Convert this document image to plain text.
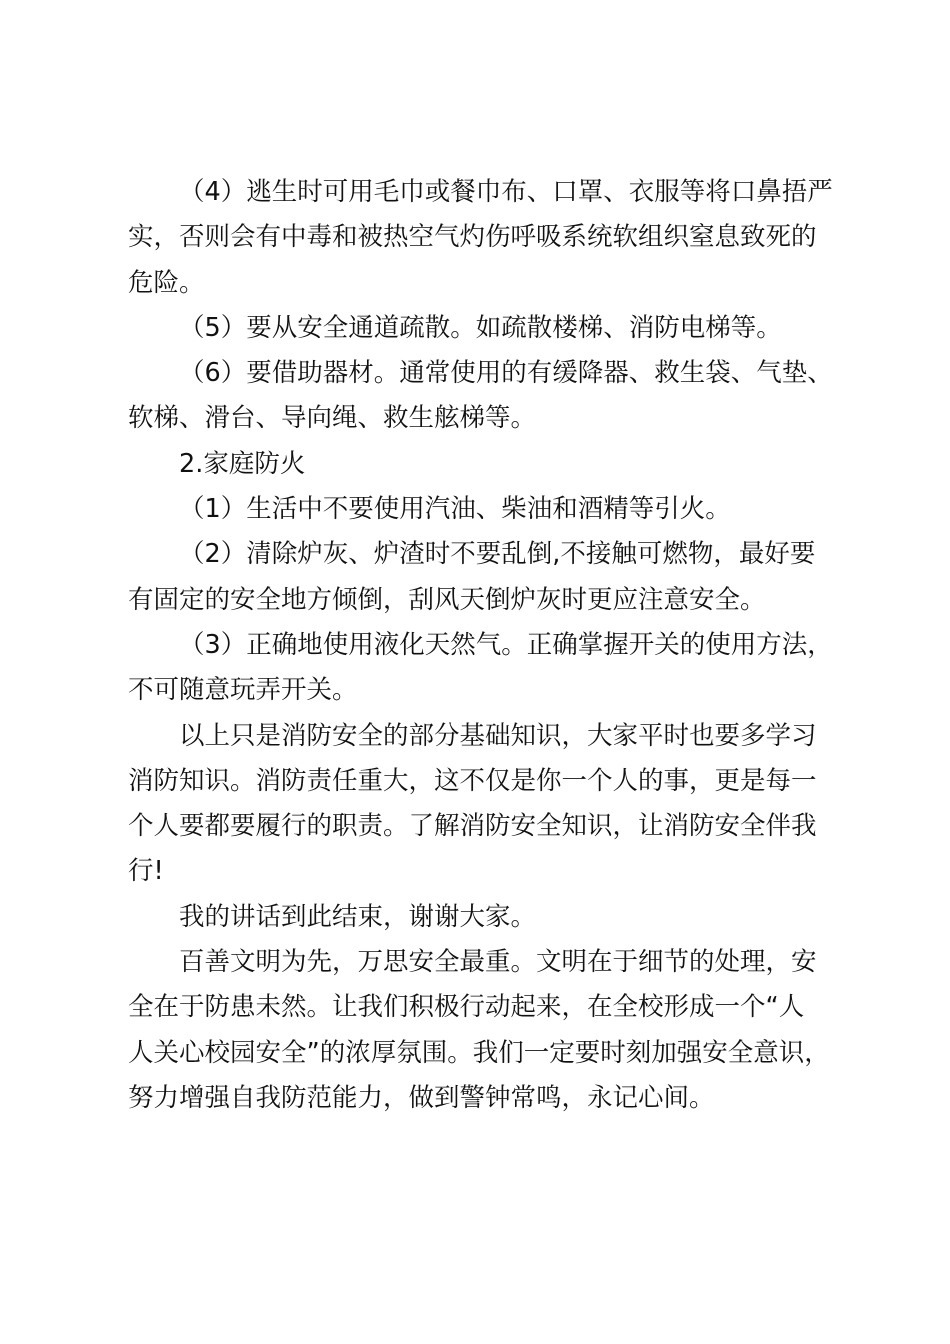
（4）逃生时可用毛巾或餐巾布、口罩、衣服等将口鼻捂严
实，否则会有中毒和被热空气灼伤呼吸系统软组织窒息致死的
危险。

（5）要从安全通道疏散。如疏散楼梯、消防电梯等。

（6）要借助器材。通常使用的有缓降器、救生袋、气垫、
软梯、滑台、导向绳、救生舷梯等。

2.家庭防火

（1）生活中不要使用汽油、柴油和酒精等引火。

（2）清除炉灰、炉渣时不要乱倒,不接触可燃物，最好要
有固定的安全地方倾倒，刮风天倒炉灰时更应注意安全。

（3）正确地使用液化天然气。正确掌握开关的使用方法，
不可随意玩弄开关。

以上只是消防安全的部分基础知识，大家平时也要多学习
消防知识。消防责任重大，这不仅是你一个人的事，更是每一
个人要都要履行的职责。了解消防安全知识，让消防安全伴我
行!

我的讲话到此结束，谢谢大家。

百善文明为先，万思安全最重。文明在于细节的处理，安
全在于防患未然。让我们积极行动起来，在全校形成一个“人
人关心校园安全”的浓厚氛围。我们一定要时刻加强安全意识，
努力增强自我防范能力，做到警钟常鸣，永记心间。
